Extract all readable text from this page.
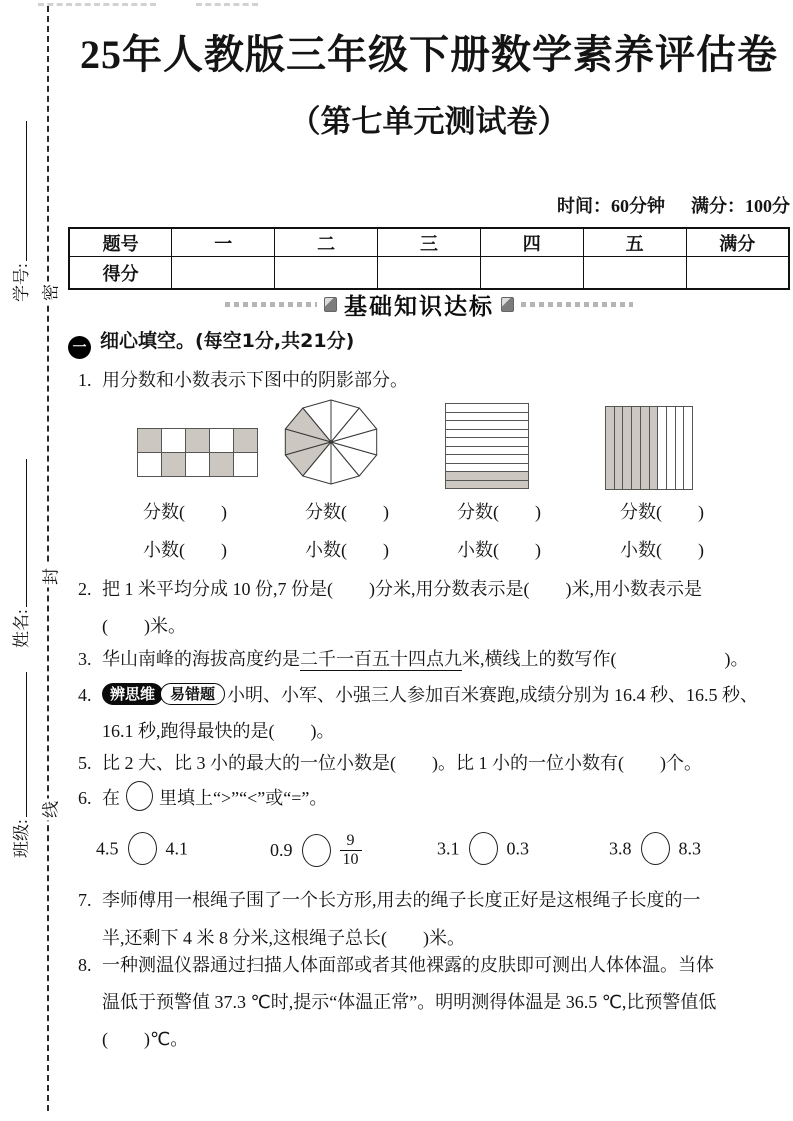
密
封
线
学号:
姓名:
班级:
25年人教版三年级下册数学素养评估卷
（第七单元测试卷）
时间：60分钟 满分：100分
题号	一	二	三	四	五	满分
得分						
基础知识达标
一 细心填空。(每空1分,共21分)
1. 用分数和小数表示下图中的阴影部分。
分数(　　)	分数(　　)	分数(　　)	分数(　　)
小数(　　)	小数(　　)	小数(　　)	小数(　　)
2. 把 1 米平均分成 10 份,7 份是(　　)分米,用分数表示是(　　)米,用小数表示是
(　　)米。
3. 华山南峰的海拔高度约是二千一百五十四点九米,横线上的数写作(　　　　　　)。
4.	辨思维 易错题 小明、小军、小强三人参加百米赛跑,成绩分别为 16.4 秒、16.5 秒、
16.1 秒,跑得最快的是(　　)。
5. 比 2 大、比 3 小的最大的一位小数是(　　)。比 1 小的一位小数有(　　)个。
6. 在 里填上“>”“<”或“=”。
4.5	4.1	0.9	$\frac{9}{10}$	3.1	0.3	3.8	8.3
7. 李师傅用一根绳子围了一个长方形,用去的绳子长度正好是这根绳子长度的一
半,还剩下 4 米 8 分米,这根绳子总长(　　)米。
8. 一种测温仪器通过扫描人体面部或者其他裸露的皮肤即可测出人体体温。当体
温低于预警值 37.3 ℃时,提示“体温正常”。明明测得体温是 36.5 ℃,比预警值低
(　　)℃。
